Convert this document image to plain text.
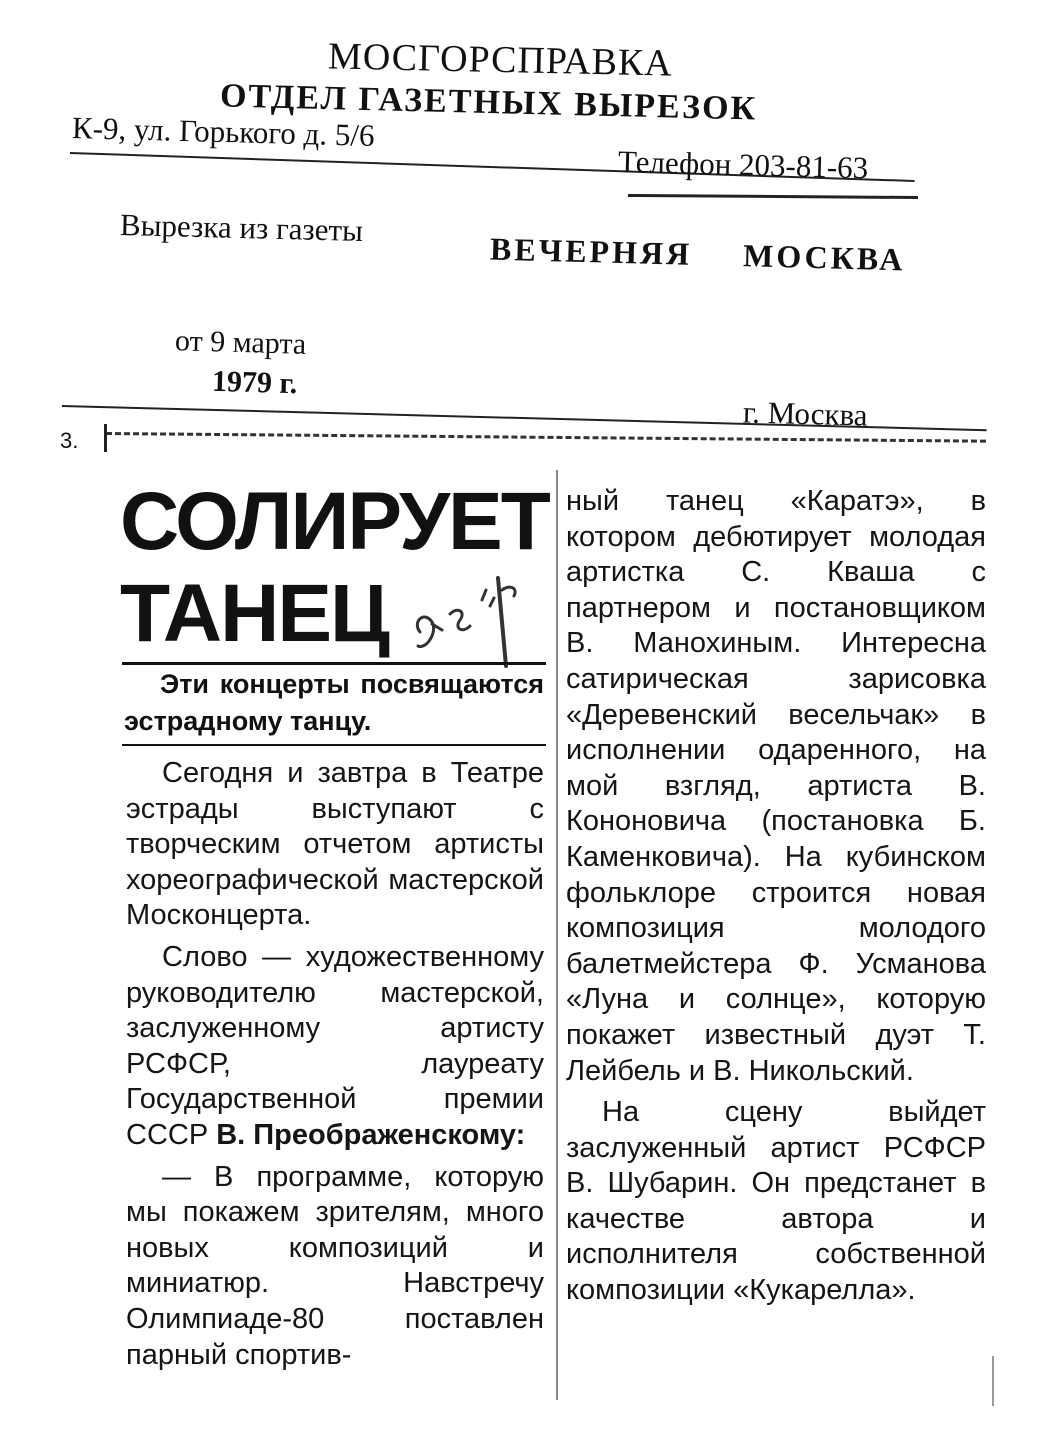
МОСГОРСПРАВКА
ОТДЕЛ ГАЗЕТНЫХ ВЫРЕЗОК
К-9, ул. Горького д. 5/6
Телефон 203-81-63
Вырезка из газеты
ВЕЧЕРНЯЯ МОСКВА
от 9 марта
1979 г.
г. Москва
3.
СОЛИРУЕТ ТАНЕЦ
Эти концерты посвящаются эстрадному танцу.

Сегодня и завтра в Театре эстрады выступают с творческим отчетом артисты хореографической мастерской Москонцерта.

Слово — художественному руководителю мастерской, заслуженному артисту РСФСР, лауреату Государственной премии СССР В. Преображенскому:

— В программе, которую мы покажем зрителям, много новых композиций и миниатюр. Навстречу Олимпиаде-80 поставлен парный спортив-

ный танец «Каратэ», в котором дебютирует молодая артистка С. Кваша с партнером и постановщиком В. Манохиным. Интересна сатирическая зарисовка «Деревенский весельчак» в исполнении одаренного, на мой взгляд, артиста В. Кононовича (постановка Б. Каменковича). На кубинском фольклоре строится новая композиция молодого балетмейстера Ф. Усманова «Луна и солнце», которую покажет известный дуэт Т. Лейбель и В. Никольский.

На сцену выйдет заслуженный артист РСФСР В. Шубарин. Он предстанет в качестве автора и исполнителя собственной композиции «Кукарелла».
